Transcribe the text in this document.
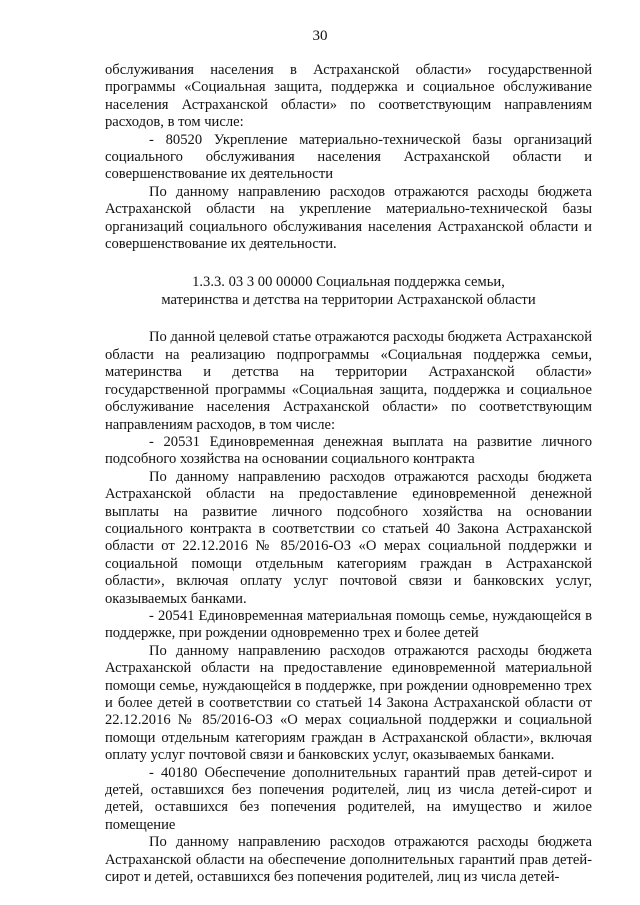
30

обслуживания населения в Астраханской области» государственной программы «Социальная защита, поддержка и социальное обслуживание населения Астраханской области» по соответствующим направлениям расходов, в том числе:

- 80520 Укрепление материально-технической базы организаций социального обслуживания населения Астраханской области и совершенствование их деятельности

По данному направлению расходов отражаются расходы бюджета Астраханской области на укрепление материально-технической базы организаций социального обслуживания населения Астраханской области и совершенствование их деятельности.

1.3.3. 03 3 00 00000 Социальная поддержка семьи,
материнства и детства на территории Астраханской области

По данной целевой статье отражаются расходы бюджета Астраханской области на реализацию подпрограммы «Социальная поддержка семьи, материнства и детства на территории Астраханской области» государственной программы «Социальная защита, поддержка и социальное обслуживание населения Астраханской области» по соответствующим направлениям расходов, в том числе:

- 20531 Единовременная денежная выплата на развитие личного подсобного хозяйства на основании социального контракта

По данному направлению расходов отражаются расходы бюджета Астраханской области на предоставление единовременной денежной выплаты на развитие личного подсобного хозяйства на основании социального контракта в соответствии со статьей 40 Закона Астраханской области от 22.12.2016 № 85/2016-ОЗ «О мерах социальной поддержки и социальной помощи отдельным категориям граждан в Астраханской области», включая оплату услуг почтовой связи и банковских услуг, оказываемых банками.

- 20541 Единовременная материальная помощь семье, нуждающейся в поддержке, при рождении одновременно трех и более детей

По данному направлению расходов отражаются расходы бюджета Астраханской области на предоставление единовременной материальной помощи семье, нуждающейся в поддержке, при рождении одновременно трех и более детей в соответствии со статьей 14 Закона Астраханской области от 22.12.2016 № 85/2016-ОЗ «О мерах социальной поддержки и социальной помощи отдельным категориям граждан в Астраханской области», включая оплату услуг почтовой связи и банковских услуг, оказываемых банками.

- 40180 Обеспечение дополнительных гарантий прав детей-сирот и детей, оставшихся без попечения родителей, лиц из числа детей-сирот и детей, оставшихся без попечения родителей, на имущество и жилое помещение

По данному направлению расходов отражаются расходы бюджета Астраханской области на обеспечение дополнительных гарантий прав детей-сирот и детей, оставшихся без попечения родителей, лиц из числа детей-
